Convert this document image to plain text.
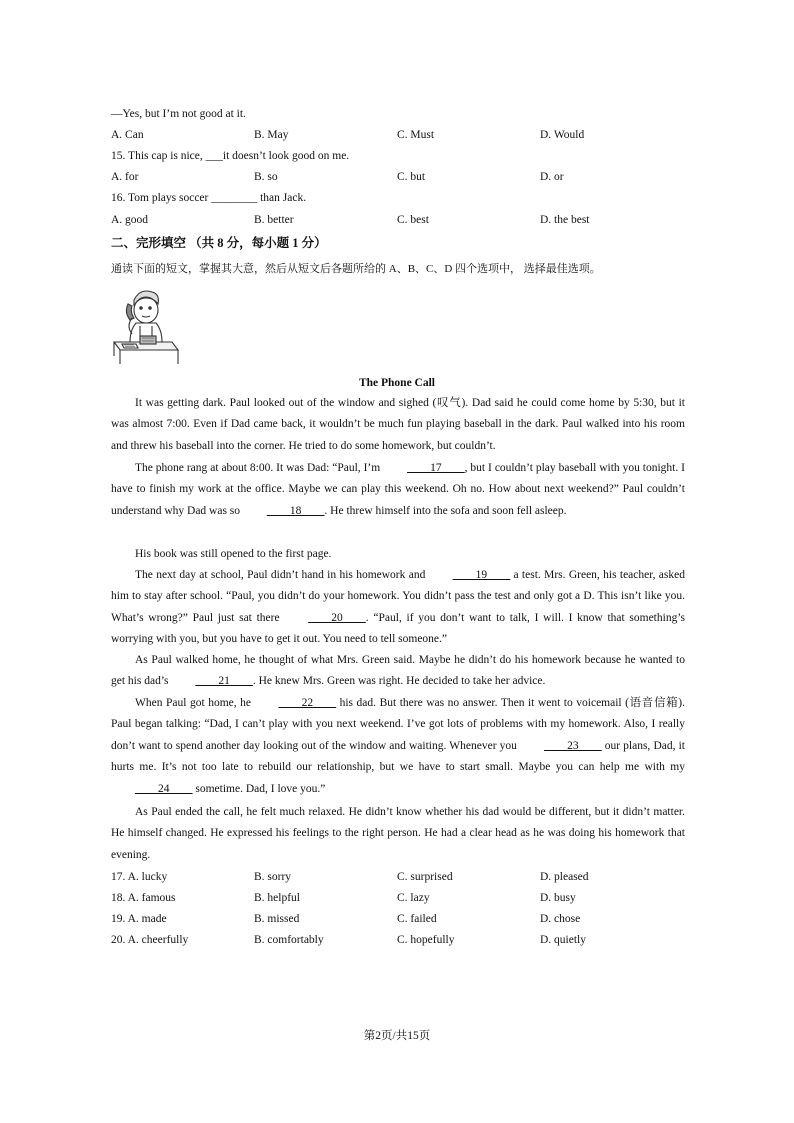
—Yes, but I’m not good at it.
A. Can	B. May	C. Must	D. Would
15. This cap is nice, ___it doesn’t look good on me.
A. for	B. so	C. but	D. or
16. Tom plays soccer ________ than Jack.
A. good	B. better	C. best	D. the best
二、完形填空 （共 8 分，每小题 1 分）
通读下面的短文，掌握其大意，然后从短文后各题所给的 A、B、C、D 四个选项中， 选择最佳选项。
The Phone Call
It was getting dark. Paul looked out of the window and sighed (叹气). Dad said he could come home by 5:30, but it was almost 7:00. Even if Dad came back, it wouldn’t be much fun playing baseball in the dark. Paul walked into his room and threw his baseball into the corner. He tried to do some homework, but couldn’t.
The phone rang at about 8:00. It was Dad: “Paul, I’m ____17____, but I couldn’t play baseball with you tonight. I have to finish my work at the office. Maybe we can play this weekend. Oh no. How about next weekend?” Paul couldn’t understand why Dad was so ____18____. He threw himself into the sofa and soon fell asleep.
His book was still opened to the first page.
The next day at school, Paul didn’t hand in his homework and ____19____ a test. Mrs. Green, his teacher, asked him to stay after school. “Paul, you didn’t do your homework. You didn’t pass the test and only got a D. This isn’t like you. What’s wrong?” Paul just sat there ____20____. “Paul, if you don’t want to talk, I will. I know that something’s worrying with you, but you have to get it out. You need to tell someone.”
As Paul walked home, he thought of what Mrs. Green said. Maybe he didn’t do his homework because he wanted to get his dad’s ____21____. He knew Mrs. Green was right. He decided to take her advice.
When Paul got home, he ____22____ his dad. But there was no answer. Then it went to voicemail (语音信箱). Paul began talking: “Dad, I can’t play with you next weekend. I’ve got lots of problems with my homework. Also, I really don’t want to spend another day looking out of the window and waiting. Whenever you ____23____ our plans, Dad, it hurts me. It’s not too late to rebuild our relationship, but we have to start small. Maybe you can help me with my ____24____ sometime. Dad, I love you.”
As Paul ended the call, he felt much relaxed. He didn’t know whether his dad would be different, but it didn’t matter. He himself changed. He expressed his feelings to the right person. He had a clear head as he was doing his homework that evening.
17. A. lucky	B. sorry	C. surprised	D. pleased
18. A. famous	B. helpful	C. lazy	D. busy
19. A. made	B. missed	C. failed	D. chose
20. A. cheerfully	B. comfortably	C. hopefully	D. quietly
第2页/共15页
